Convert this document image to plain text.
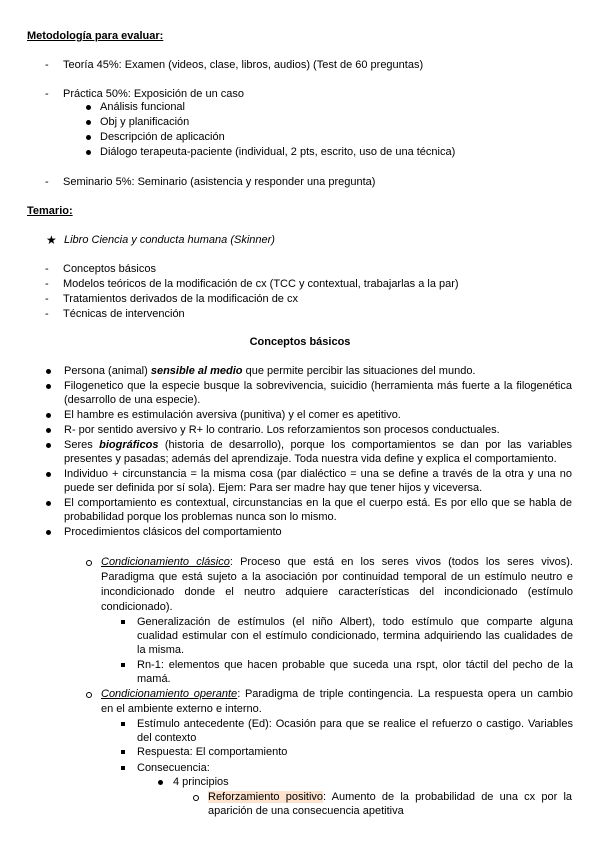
Metodología para evaluar:
- Teoría 45%: Examen (videos, clase, libros, audios) (Test de 60 preguntas)
- Práctica 50%: Exposición de un caso
Análisis funcional
Obj y planificación
Descripción de aplicación
Diálogo terapeuta-paciente (individual, 2 pts, escrito, uso de una técnica)
- Seminario 5%: Seminario (asistencia y responder una pregunta)
Temario:
★ Libro Ciencia y conducta humana (Skinner)
- Conceptos básicos
- Modelos teóricos de la modificación de cx (TCC y contextual, trabajarlas a la par)
- Tratamientos derivados de la modificación de cx
- Técnicas de intervención
Conceptos básicos
Persona (animal) sensible al medio que permite percibir las situaciones del mundo.
Filogenetico que la especie busque la sobrevivencia, suicidio (herramienta más fuerte a la filogenética
(desarrollo de una especie).
El hambre es estimulación aversiva (punitiva) y el comer es apetitivo.
R- por sentido aversivo y R+ lo contrario. Los reforzamientos son procesos conductuales.
Seres biográficos (historia de desarrollo), porque los comportamientos se dan por las variables
presentes y pasadas; además del aprendizaje. Toda nuestra vida define y explica el comportamiento.
Individuo + circunstancia = la misma cosa (par dialéctico = una se define a través de la otra y una no
puede ser definida por sí sola). Ejem: Para ser madre hay que tener hijos y viceversa.
El comportamiento es contextual, circunstancias en la que el cuerpo está. Es por ello que se habla de
probabilidad porque los problemas nunca son lo mismo.
Procedimientos clásicos del comportamiento
Condicionamiento clásico: Proceso que está en los seres vivos (todos los seres vivos).
Paradigma que está sujeto a la asociación por continuidad temporal de un estímulo neutro e
incondicionado donde el neutro adquiere características del incondicionado (estímulo
condicionado).
Generalización de estímulos (el niño Albert), todo estímulo que comparte alguna
cualidad estimular con el estímulo condicionado, termina adquiriendo las cualidades de
la misma.
Rn-1: elementos que hacen probable que suceda una rspt, olor táctil del pecho de la
mamá.
Condicionamiento operante: Paradigma de triple contingencia. La respuesta opera un cambio
en el ambiente externo e interno.
Estímulo antecedente (Ed): Ocasión para que se realice el refuerzo o castigo. Variables
del contexto
Respuesta: El comportamiento
Consecuencia:
4 principios
Reforzamiento positivo: Aumento de la probabilidad de una cx por la
aparición de una consecuencia apetitiva
